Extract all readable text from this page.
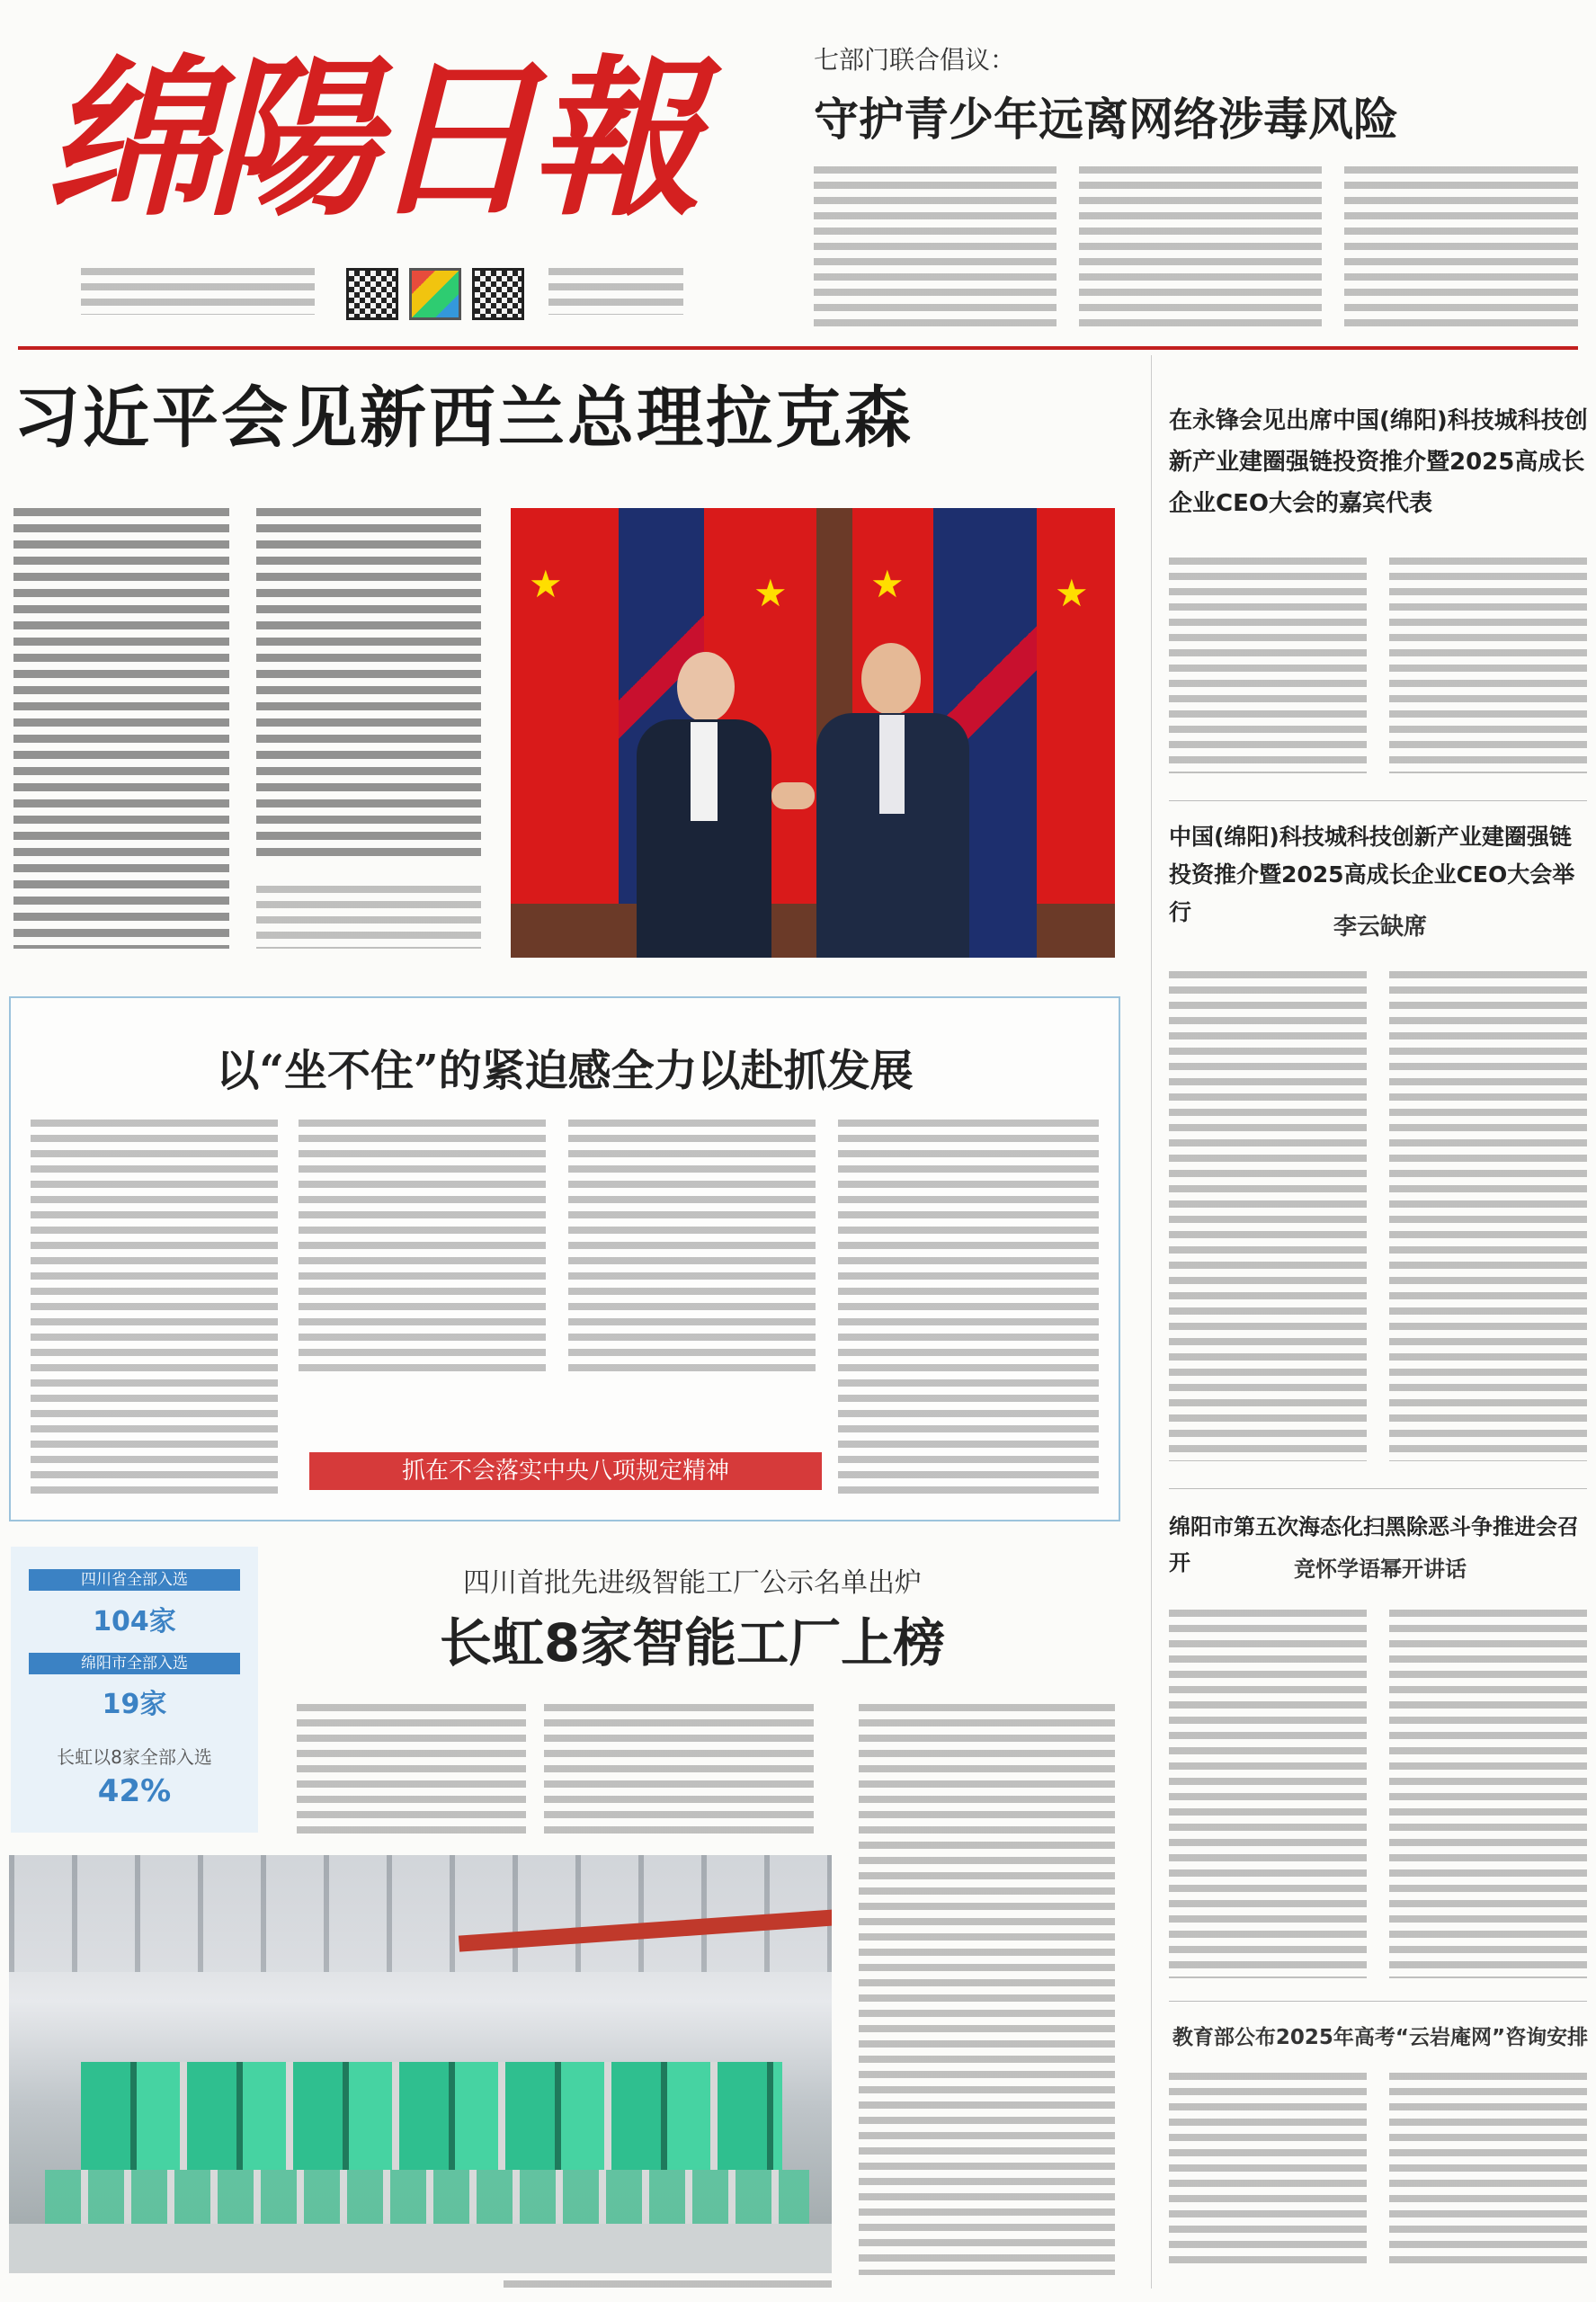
绵陽日報	七部门联合倡议：
守护青少年远离网络涉毒风险
习近平会见新西兰总理拉克森
★	★ ★	★
以“坐不住”的紧迫感全力以赴抓发展
抓在不会落实中央八项规定精神
四川省全部入选
104家
绵阳市全部入选
19家
长虹以8家全部入选
42%
四川首批先进级智能工厂公示名单出炉
长虹8家智能工厂上榜
在永锋会见出席中国(绵阳)科技城科技创新产业建圈强链投资推介暨2025高成长企业CEO大会的嘉宾代表
中国(绵阳)科技城科技创新产业建圈强链投资推介暨2025高成长企业CEO大会举行
李云缺席
绵阳市第五次海态化扫黑除恶斗争推进会召开	竞怀学语幂开讲话
教育部公布2025年高考“云岩庵网”咨询安排
